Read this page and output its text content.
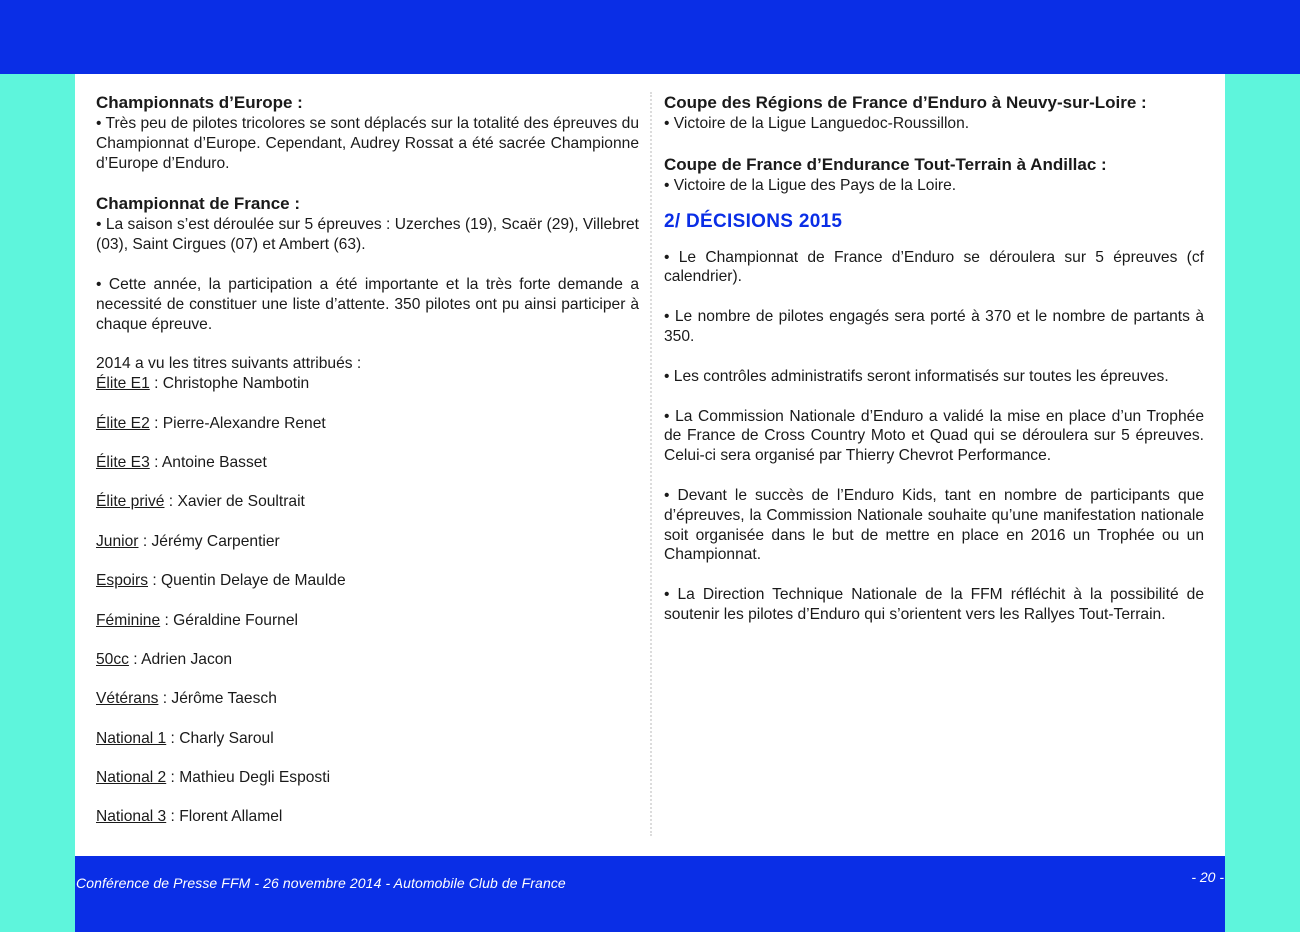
Championnats d’Europe :

• Très peu de pilotes tricolores se sont déplacés sur la totalité des épreuves du Championnat d’Europe. Cependant, Audrey Rossat a été sacrée Championne d’Europe d’Enduro.

Championnat de France :

• La saison s’est déroulée sur 5 épreuves : Uzerches (19), Scaër (29), Villebret (03), Saint Cirgues (07) et Ambert (63).

• Cette année, la participation a été importante et la très forte demande a necessité de constituer une liste d’attente. 350 pilotes ont pu ainsi participer à chaque épreuve.

2014 a vu les titres suivants attribués :

Élite E1 : Christophe Nambotin

Élite E2 : Pierre-Alexandre Renet

Élite E3 : Antoine Basset

Élite privé : Xavier de Soultrait

Junior : Jérémy Carpentier

Espoirs : Quentin Delaye de Maulde

Féminine : Géraldine Fournel

50cc : Adrien Jacon

Vétérans : Jérôme Taesch

National 1 : Charly Saroul

National 2 : Mathieu Degli Esposti

National 3 : Florent Allamel

Coupe des Régions de France d’Enduro à Neuvy-sur-Loire :

• Victoire de la Ligue Languedoc-Roussillon.

Coupe de France d’Endurance Tout-Terrain à Andillac :

• Victoire de la Ligue des Pays de la Loire.

2/ DÉCISIONS 2015

• Le Championnat de France d’Enduro se déroulera sur 5 épreuves (cf calendrier).

• Le nombre de pilotes engagés sera porté à 370 et le nombre de partants à 350.

• Les contrôles administratifs seront informatisés sur toutes les épreuves.

• La Commission Nationale d’Enduro a validé la mise en place d’un Trophée de France de Cross Country Moto et Quad qui se déroulera sur 5 épreuves. Celui-ci sera organisé par Thierry Chevrot Performance.

• Devant le succès de l’Enduro Kids, tant en nombre de participants que d’épreuves, la Commission Nationale souhaite qu’une manifestation nationale soit organisée dans le but de mettre en place en 2016 un Trophée ou un Championnat.

• La Direction Technique Nationale de la FFM réfléchit à la possibilité de soutenir les pilotes d’Enduro qui s’orientent vers les Rallyes Tout-Terrain.

Conférence de Presse FFM - 26 novembre 2014 - Automobile Club de France	- 20 -
